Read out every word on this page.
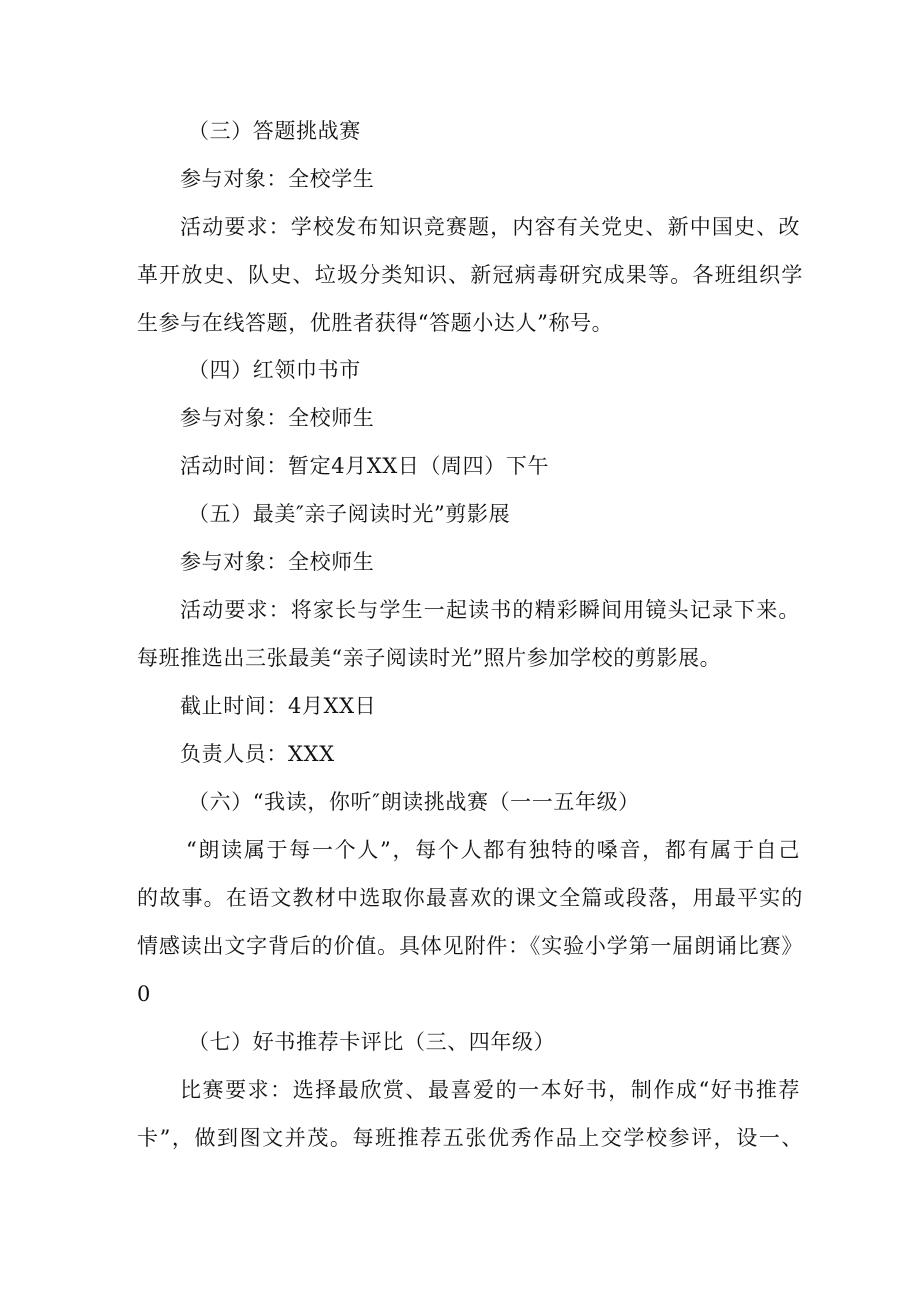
（三）答题挑战赛
参与对象：全校学生
活动要求：学校发布知识竞赛题，内容有关党史、新中国史、改
革开放史、队史、垃圾分类知识、新冠病毒研究成果等。各班组织学
生参与在线答题，优胜者获得“答题小达人”称号。
（四）红领巾书市
参与对象：全校师生
活动时间：暂定4月XX日（周四）下午
（五）最美″亲子阅读时光”剪影展
参与对象：全校师生
活动要求：将家长与学生一起读书的精彩瞬间用镜头记录下来。
每班推选出三张最美“亲子阅读时光”照片参加学校的剪影展。
截止时间：4月XX日
负责人员：XXX
（六）“我读，你听″朗读挑战赛（一一五年级）
“朗读属于每一个人”，每个人都有独特的嗓音，都有属于自己
的故事。在语文教材中选取你最喜欢的课文全篇或段落，用最平实的
情感读出文字背后的价值。具体见附件：《实验小学第一届朗诵比赛》
0
（七）好书推荐卡评比（三、四年级）
比赛要求：选择最欣赏、最喜爱的一本好书，制作成“好书推荐
卡”，做到图文并茂。每班推荐五张优秀作品上交学校参评，设一、
